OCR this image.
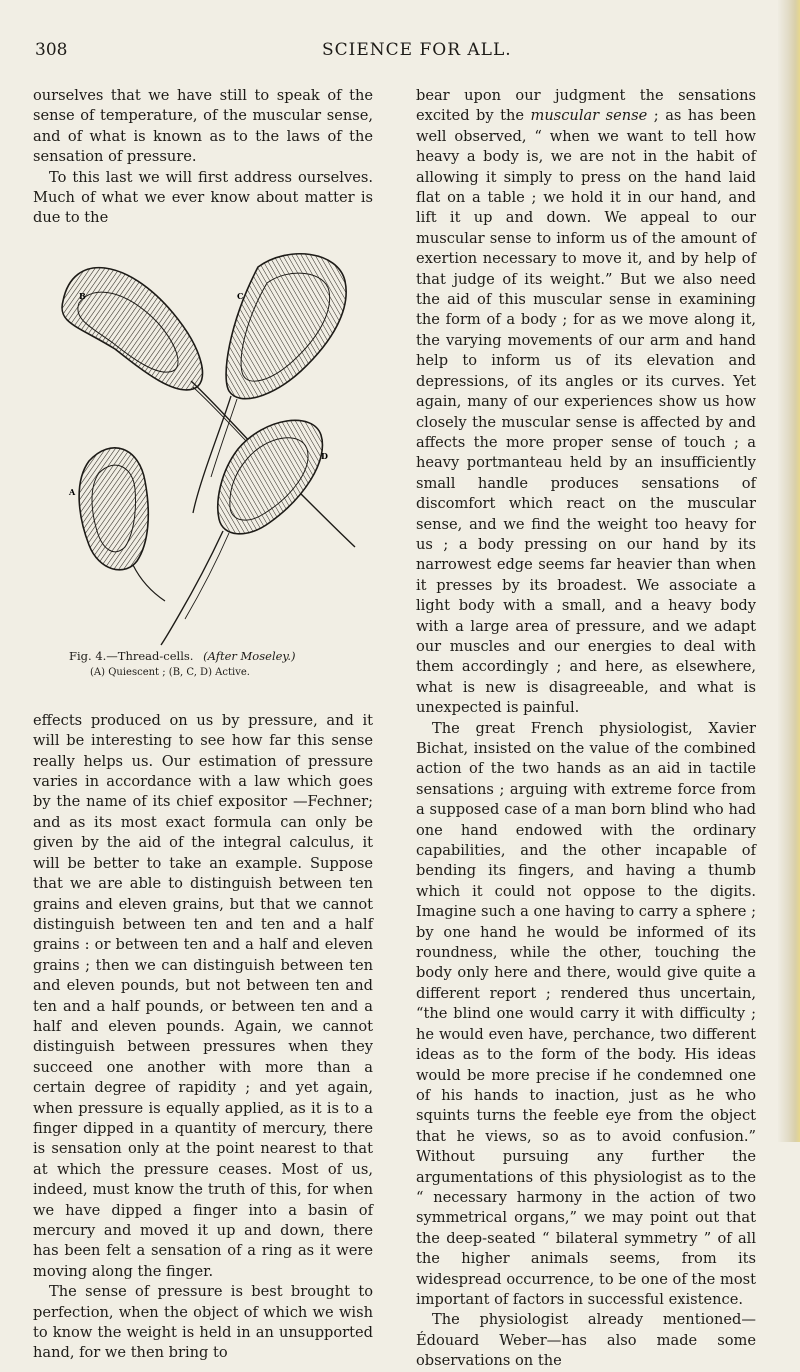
308	SCIENCE FOR ALL.

ourselves that we have still to speak of the sense of temperature, of the muscular sense, and of what is known as to the laws of the sensation of pressure.

To this last we will first address ourselves. Much of what we ever know about matter is due to the

B	C
A
D
Fig. 4.—Thread-cells. (After Moseley.)
(A) Quiescent ; (B, C, D) Active.

effects produced on us by pressure, and it will be interesting to see how far this sense really helps us. Our estimation of pressure varies in accordance with a law which goes by the name of its chief expositor —Fechner; and as its most exact formula can only be given by the aid of the integral calculus, it will be better to take an example. Suppose that we are able to distinguish between ten grains and eleven grains, but that we cannot distinguish between ten and ten and a half grains : or between ten and a half and eleven grains ; then we can distinguish between ten and eleven pounds, but not between ten and ten and a half pounds, or between ten and a half and eleven pounds. Again, we cannot distinguish between pressures when they succeed one another with more than a certain degree of rapidity ; and yet again, when pressure is equally applied, as it is to a finger dipped in a quantity of mercury, there is sensation only at the point nearest to that at which the pressure ceases. Most of us, indeed, must know the truth of this, for when we have dipped a finger into a basin of mercury and moved it up and down, there has been felt a sensation of a ring as it were moving along the finger.

The sense of pressure is best brought to perfection, when the object of which we wish to know the weight is held in an unsupported hand, for we then bring to

bear upon our judgment the sensations excited by the muscular sense ; as has been well observed, “ when we want to tell how heavy a body is, we are not in the habit of allowing it simply to press on the hand laid flat on a table ; we hold it in our hand, and lift it up and down. We appeal to our muscular sense to inform us of the amount of exertion necessary to move it, and by help of that judge of its weight.” But we also need the aid of this muscular sense in examining the form of a body ; for as we move along it, the varying movements of our arm and hand help to inform us of its elevation and depressions, of its angles or its curves. Yet again, many of our experiences show us how closely the muscular sense is affected by and affects the more proper sense of touch ; a heavy portmanteau held by an insufficiently small handle produces sensations of discomfort which react on the muscular sense, and we find the weight too heavy for us ; a body pressing on our hand by its narrowest edge seems far heavier than when it presses by its broadest. We associate a light body with a small, and a heavy body with a large area of pressure, and we adapt our muscles and our energies to deal with them accordingly ; and here, as elsewhere, what is new is disagreeable, and what is unexpected is painful.

The great French physiologist, Xavier Bichat, insisted on the value of the combined action of the two hands as an aid in tactile sensations ; arguing with extreme force from a supposed case of a man born blind who had one hand endowed with the ordinary capabilities, and the other incapable of bending its fingers, and having a thumb which it could not oppose to the digits. Imagine such a one having to carry a sphere ; by one hand he would be informed of its roundness, while the other, touching the body only here and there, would give quite a different report ; rendered thus uncertain, “the blind one would carry it with difficulty ; he would even have, perchance, two different ideas as to the form of the body. His ideas would be more precise if he condemned one of his hands to inaction, just as he who squints turns the feeble eye from the object that he views, so as to avoid confusion.” Without pursuing any further the argumentations of this physiologist as to the “ necessary harmony in the action of two symmetrical organs,” we may point out that the deep-seated “ bilateral symmetry ” of all the higher animals seems, from its widespread occurrence, to be one of the most important of factors in successful existence.

The physiologist already mentioned—Édouard Weber—has also made some observations on the
